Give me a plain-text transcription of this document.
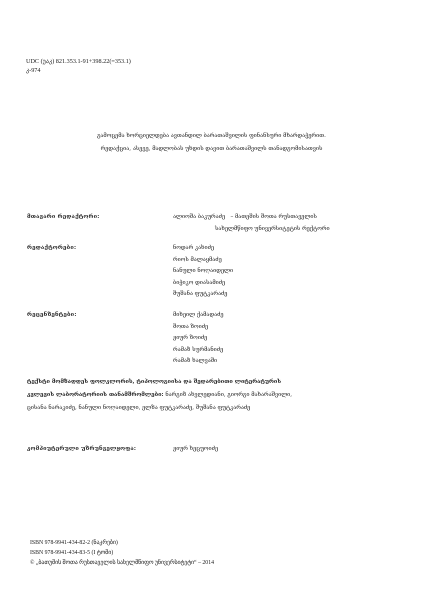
UDC (უაკ) 821.353.1-91+398.22(=353.1)
კ-974
გამოცემა ხორციელდება ავთანდილ ბარათაშვილის ფინანსური მხარდაჭერით.
რედაქცია, ასევე, მადლობას უხდის დავით ბარათაშვილს თანადგომისათვის
მთავარი რედაქტორი:	ალიოშა ბაკურაძე – მათეშის შოთა რუსთაველის
სახელმწიფო უნივერსიტეტის რექტორი
რედაქტორები:	ნოდარ კახიძე
რიოს მალაყმაძე
ნანული ნოღაიდელი
ბიჭიკო დიასამიძე
შუშანა ფუტკარაძე
რეცენზენტები:	მიხეილ ქამადაძე
შოთა ზოიძე
ჟიურ ზოიძე
რამაზ სურმანიძე
რამაზ ხალვაში
ტექსტი მომზადდეს ფოლკლორის, ტიპოლოგიისა და შედარებითი ლიტერატურის
კვლევის ლაბორატორიის თანამშრომლები: ნარგიზ ახვლედიანი, გიორგი მახარაშვილი,
ცისანა ნარაკიძე, ნანული ნოღაიდელი, ელზა ფუტკარაძე, შუშანა ფუტკარაძე
კომპიუტერული უზრუნველყოფა:	ჟიურ ხეცუოიძე
ISBN 978-9941-434-82-2 (ნაკრები)
ISBN 978-9941-434-83-5 (I ტომი)
© „ბათუმის შოთა რუსთაველის სახელმწიფო უნივერსიტეტი“ – 2014
